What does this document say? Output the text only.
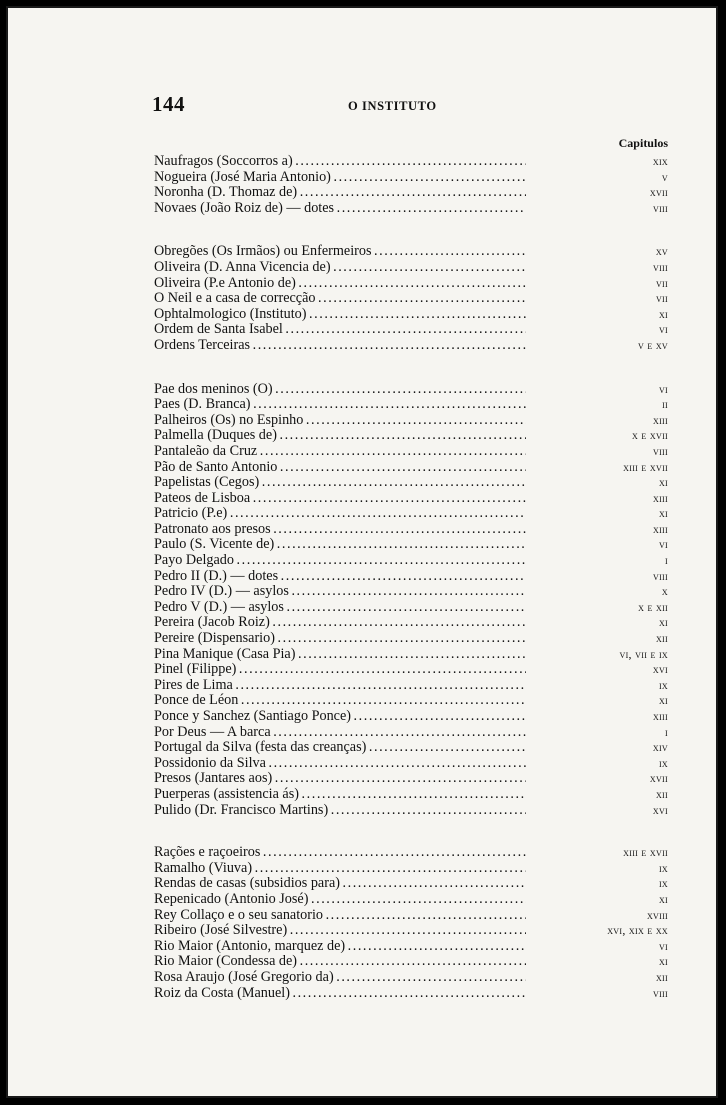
144	O INSTITUTO
Capitulos
Naufragos (Soccorros a) . . .	xix
Nogueira (José Maria Antonio) . . .	v
Noronha (D. Thomaz de) . . .	xvii
Novaes (João Roiz de) — dotes . . .	viii
Obregões (Os Irmãos) ou Enfermeiros . . .	xv
Oliveira (D. Anna Vicencia de) . . .	viii
Oliveira (P.e Antonio de) . . .	vii
O Neil e a casa de correcção . . .	vii
Ophtalmologico (Instituto) . . .	xi
Ordem de Santa Isabel . . .	vi
Ordens Terceiras . . .	v e xv
Pae dos meninos (O) . . .	vi
Paes (D. Branca) . . .	ii
Palheiros (Os) no Espinho . . .	xiii
Palmella (Duques de) . . .	x e xvii
Pantaleão da Cruz . . .	viii
Pão de Santo Antonio . . .	xiii e xvii
Papelistas (Cegos) . . .	xi
Pateos de Lisboa . . .	xiii
Patricio (P.e) . . .	xi
Patronato aos presos . . .	xiii
Paulo (S. Vicente de) . . .	vi
Payo Delgado . . .	i
Pedro II (D.) — dotes . . .	viii
Pedro IV (D.) — asylos . . .	x
Pedro V (D.) — asylos . . .	x e xii
Pereira (Jacob Roiz) . . .	xi
Pereire (Dispensario) . . .	xii
Pina Manique (Casa Pia) . . .	vi, vii e ix
Pinel (Filippe) . . .	xvi
Pires de Lima . . .	ix
Ponce de Léon . . .	xi
Ponce y Sanchez (Santiago Ponce) . . .	xiii
Por Deus — A barca . . .	i
Portugal da Silva (festa das creanças) . . .	xiv
Possidonio da Silva . . .	ix
Presos (Jantares aos) . . .	xvii
Puerperas (assistencia ás) . . .	xii
Pulido (Dr. Francisco Martins) . . .	xvi
Rações e raçoeiros . . .	xiii e xvii
Ramalho (Viuva) . . .	ix
Rendas de casas (subsidios para) . . .	ix
Repenicado (Antonio José) . . .	xi
Rey Collaço e o seu sanatorio . . .	xviii
Ribeiro (José Silvestre) . . .	xvi, xix e xx
Rio Maior (Antonio, marquez de) . . .	vi
Rio Maior (Condessa de) . . .	xi
Rosa Araujo (José Gregorio da) . . .	xii
Roiz da Costa (Manuel) . . .	viii
